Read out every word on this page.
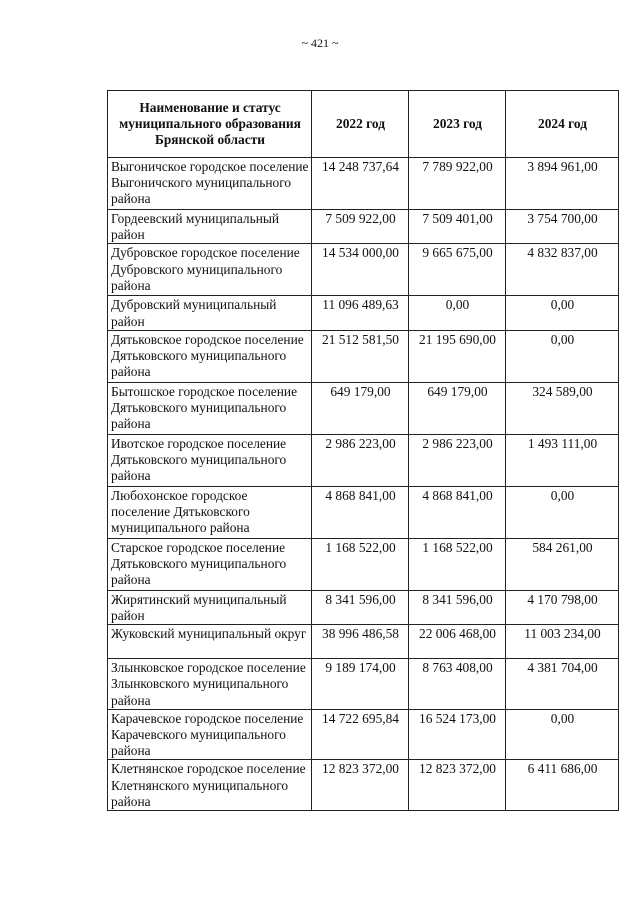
~ 421 ~
Наименование и статус муниципального образования Брянской области	2022 год	2023 год	2024 год
Выгоничское городское поселение Выгоничского муниципального района	14 248 737,64	7 789 922,00	3 894 961,00
Гордеевский муниципальный район	7 509 922,00	7 509 401,00	3 754 700,00
Дубровское городское поселение Дубровского муниципального района	14 534 000,00	9 665 675,00	4 832 837,00
Дубровский муниципальный район	11 096 489,63	0,00	0,00
Дятьковское городское поселение Дятьковского муниципального района	21 512 581,50	21 195 690,00	0,00
Бытошское городское поселение Дятьковского муниципального района	649 179,00	649 179,00	324 589,00
Ивотское городское поселение Дятьковского муниципального района	2 986 223,00	2 986 223,00	1 493 111,00
Любохонское городское поселение Дятьковского муниципального района	4 868 841,00	4 868 841,00	0,00
Старское городское поселение Дятьковского муниципального района	1 168 522,00	1 168 522,00	584 261,00
Жирятинский муниципальный район	8 341 596,00	8 341 596,00	4 170 798,00
Жуковский муниципальный округ	38 996 486,58	22 006 468,00	11 003 234,00
Злынковское городское поселение Злынковского муниципального района	9 189 174,00	8 763 408,00	4 381 704,00
Карачевское городское поселение Карачевского муниципального района	14 722 695,84	16 524 173,00	0,00
Клетнянское городское поселение Клетнянского муниципального района	12 823 372,00	12 823 372,00	6 411 686,00
